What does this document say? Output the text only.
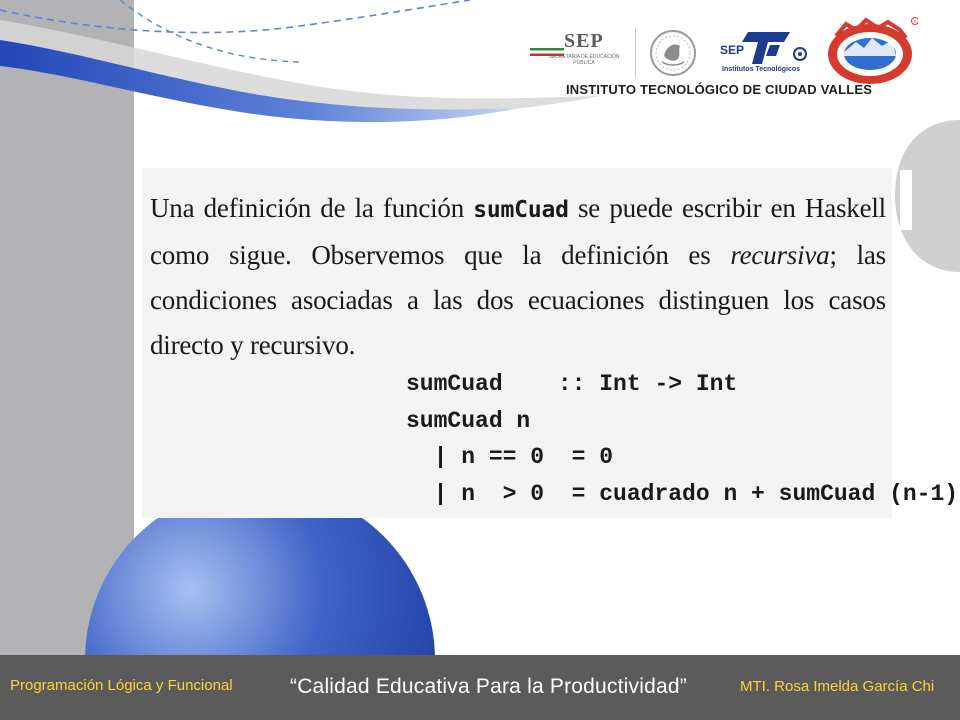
SEP
SECRETARÍA DE EDUCACIÓN PÚBLICA
SEP
Institutos Tecnológicos
R
INSTITUTO TECNOLÓGICO DE CIUDAD VALLES

Una definición de la función sumCuad se puede escribir en Haskell como sigue. Observemos que la definición es recursiva; las condiciones asociadas a las dos ecuaciones distinguen los casos directo y recursivo.

sumCuad    :: Int -> Int
sumCuad n
| n == 0  = 0
| n  > 0  = cuadrado n + sumCuad (n-1)
Programación Lógica y Funcional	“Calidad Educativa Para la Productividad”	MTI. Rosa Imelda García Chi
